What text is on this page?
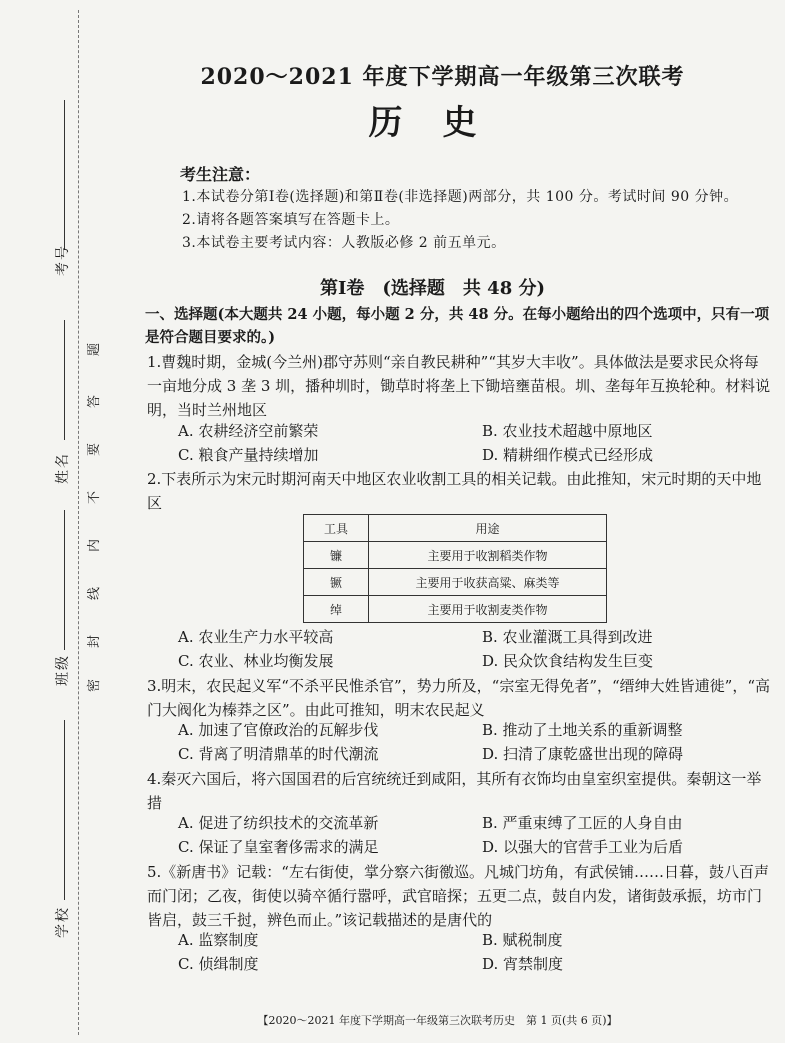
考号
姓名
班级
学校
题
答
要
不
内
线
封
密
2020～2021 年度下学期高一年级第三次联考
历史
考生注意：
1.本试卷分第Ⅰ卷(选择题)和第Ⅱ卷(非选择题)两部分，共 100 分。考试时间 90 分钟。
2.请将各题答案填写在答题卡上。
3.本试卷主要考试内容：人教版必修 2 前五单元。
第Ⅰ卷　(选择题　共 48 分)
一、选择题(本大题共 24 小题，每小题 2 分，共 48 分。在每小题给出的四个选项中，只有一项是符合题目要求的。)
1.曹魏时期，金城(今兰州)郡守苏则“亲自教民耕种”“其岁大丰收”。具体做法是要求民众将每一亩地分成 3 垄 3 圳，播种圳时，锄草时将垄上下锄培壅苗根。圳、垄每年互换轮种。材料说明，当时兰州地区
A. 农耕经济空前繁荣	B. 农业技术超越中原地区
C. 粮食产量持续增加	D. 精耕细作模式已经形成
2.下表所示为宋元时期河南天中地区农业收割工具的相关记载。由此推知，宋元时期的天中地区
工具	用途
镰	主要用于收割稻类作物
镢	主要用于收获高粱、麻类等
绰	主要用于收割麦类作物
A. 农业生产力水平较高	B. 农业灌溉工具得到改进
C. 农业、林业均衡发展	D. 民众饮食结构发生巨变
3.明末，农民起义军“不杀平民惟杀官”，势力所及，“宗室无得免者”，“缙绅大姓皆逋徙”，“高门大阀化为榛莽之区”。由此可推知，明末农民起义
A. 加速了官僚政治的瓦解步伐	B. 推动了土地关系的重新调整
C. 背离了明清鼎革的时代潮流	D. 扫清了康乾盛世出现的障碍
4.秦灭六国后，将六国国君的后宫统统迁到咸阳，其所有衣饰均由皇室织室提供。秦朝这一举措
A. 促进了纺织技术的交流革新	B. 严重束缚了工匠的人身自由
C. 保证了皇室奢侈需求的满足	D. 以强大的官营手工业为后盾
5.《新唐书》记载：“左右街使，掌分察六街徼巡。凡城门坊角，有武侯铺……日暮，鼓八百声而门闭；乙夜，街使以骑卒循行嚣呼，武官暗探；五更二点，鼓自内发，诸街鼓承振，坊市门皆启，鼓三千挝，辨色而止。”该记载描述的是唐代的
A. 监察制度	B. 赋税制度
C. 侦缉制度	D. 宵禁制度
【2020～2021 年度下学期高一年级第三次联考历史　第 1 页(共 6 页)】
